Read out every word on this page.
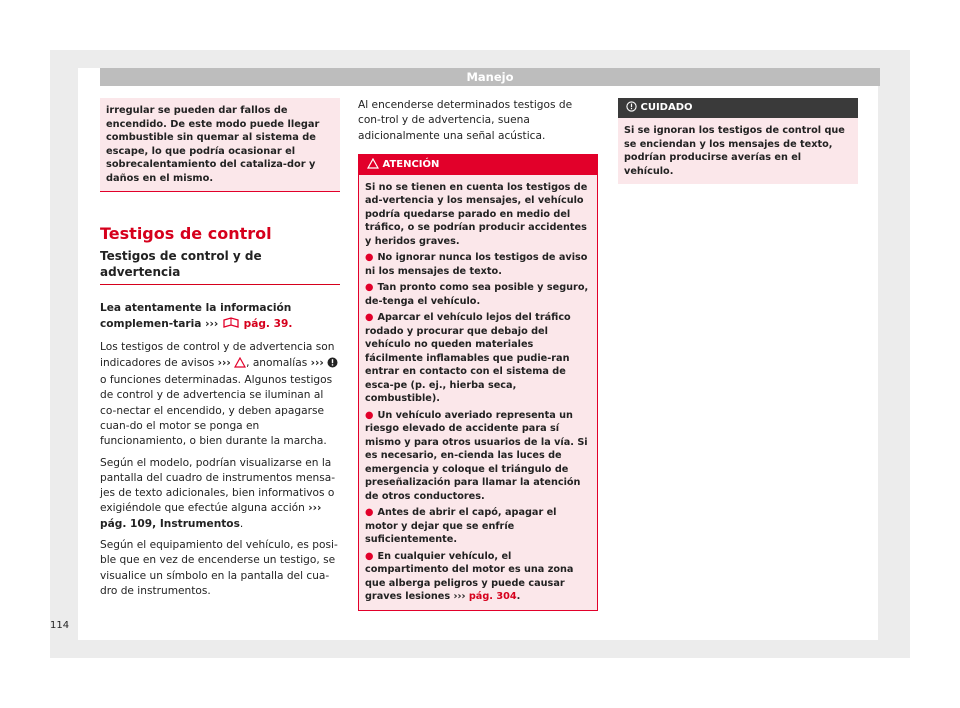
Manejo
irregular se pueden dar fallos de encendido. De este modo puede llegar combustible sin quemar al sistema de escape, lo que podría ocasionar el sobrecalentamiento del cataliza-dor y daños en el mismo.
Testigos de control
Testigos de control y de advertencia

Lea atentamente la información complemen-taria ››› pág. 39.

Los testigos de control y de advertencia son indicadores de avisos ››› , anomalías ›››  o funciones determinadas. Algunos testigos de control y de advertencia se iluminan al co-nectar el encendido, y deben apagarse cuan-do el motor se ponga en funcionamiento, o bien durante la marcha.

Según el modelo, podrían visualizarse en la pantalla del cuadro de instrumentos mensa-jes de texto adicionales, bien informativos o exigiéndole que efectúe alguna acción ››› pág. 109, Instrumentos.

Según el equipamiento del vehículo, es posi-ble que en vez de encenderse un testigo, se visualice un símbolo en la pantalla del cua-dro de instrumentos.

Al encenderse determinados testigos de con-trol y de advertencia, suena adicionalmente una señal acústica.

ATENCIÓN
Si no se tienen en cuenta los testigos de ad-vertencia y los mensajes, el vehículo podría quedarse parado en medio del tráfico, o se podrían producir accidentes y heridos graves.
● No ignorar nunca los testigos de aviso ni los mensajes de texto.
● Tan pronto como sea posible y seguro, de-tenga el vehículo.
● Aparcar el vehículo lejos del tráfico rodado y procurar que debajo del vehículo no queden materiales fácilmente inflamables que pudie-ran entrar en contacto con el sistema de esca-pe (p. ej., hierba seca, combustible).
● Un vehículo averiado representa un riesgo elevado de accidente para sí mismo y para otros usuarios de la vía. Si es necesario, en-cienda las luces de emergencia y coloque el triángulo de preseñalización para llamar la atención de otros conductores.
● Antes de abrir el capó, apagar el motor y dejar que se enfríe suficientemente.
● En cualquier vehículo, el compartimento del motor es una zona que alberga peligros y puede causar graves lesiones ››› pág. 304.
CUIDADO
Si se ignoran los testigos de control que se enciendan y los mensajes de texto, podrían producirse averías en el vehículo.
114
